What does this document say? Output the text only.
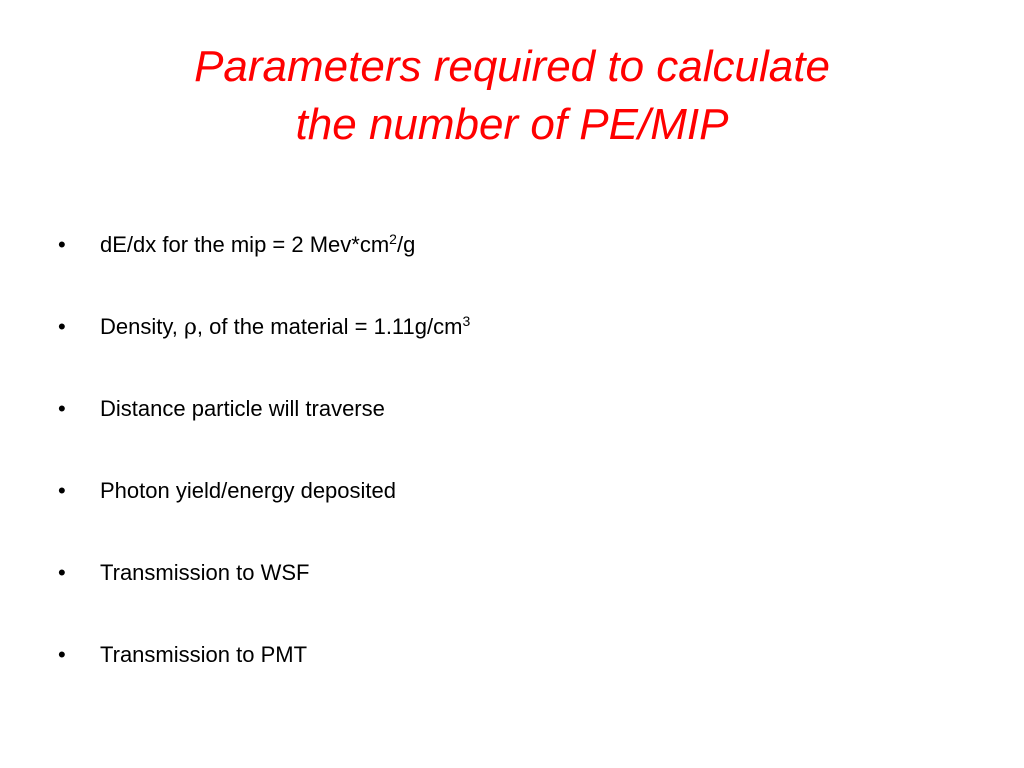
Parameters required to calculate
the number of PE/MIP
•	dE/dx for the mip = 2 $Mev*cm^2/g$
•	Density, ρ, of the material = $1.11g/cm^3$
•	Distance particle will traverse
•	Photon yield/energy deposited
•	Transmission to WSF
•	Transmission to PMT
